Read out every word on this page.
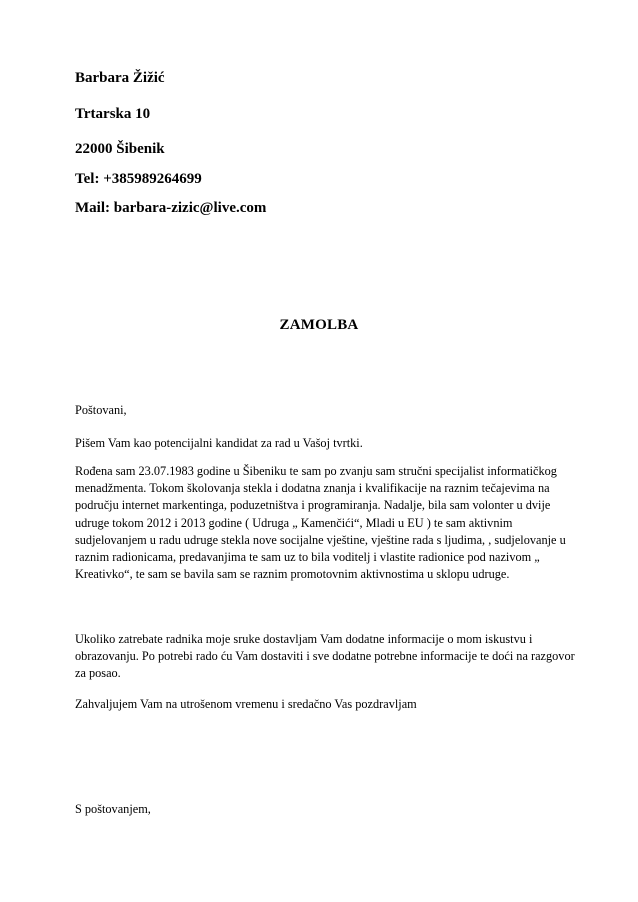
Barbara Žižić
Trtarska 10
22000 Šibenik
Tel: +385989264699
Mail: barbara-zizic@live.com
ZAMOLBA
Poštovani,
Pišem Vam kao potencijalni kandidat za rad u Vašoj tvrtki.
Rođena sam 23.07.1983 godine u Šibeniku te sam po zvanju sam stručni specijalist informatičkog
menadžmenta. Tokom školovanja stekla i dodatna znanja i kvalifikacije na raznim tečajevima na
području internet markentinga, poduzetništva i programiranja. Nadalje, bila sam volonter u dvije
udruge tokom 2012 i 2013 godine ( Udruga „ Kamenčići“, Mladi u EU ) te sam aktivnim
sudjelovanjem u radu udruge stekla nove socijalne vještine, vještine rada s ljudima, , sudjelovanje u
raznim radionicama, predavanjima te sam uz to bila voditelj i vlastite radionice pod nazivom „
Kreativko“, te sam se bavila sam se raznim promotovnim aktivnostima u sklopu udruge.
Ukoliko zatrebate radnika moje sruke dostavljam Vam dodatne informacije o mom iskustvu i
obrazovanju. Po potrebi rado ću Vam dostaviti i sve dodatne potrebne informacije te doći na razgovor
za posao.
Zahvaljujem Vam na utrošenom vremenu i sredačno Vas pozdravljam
S poštovanjem,
